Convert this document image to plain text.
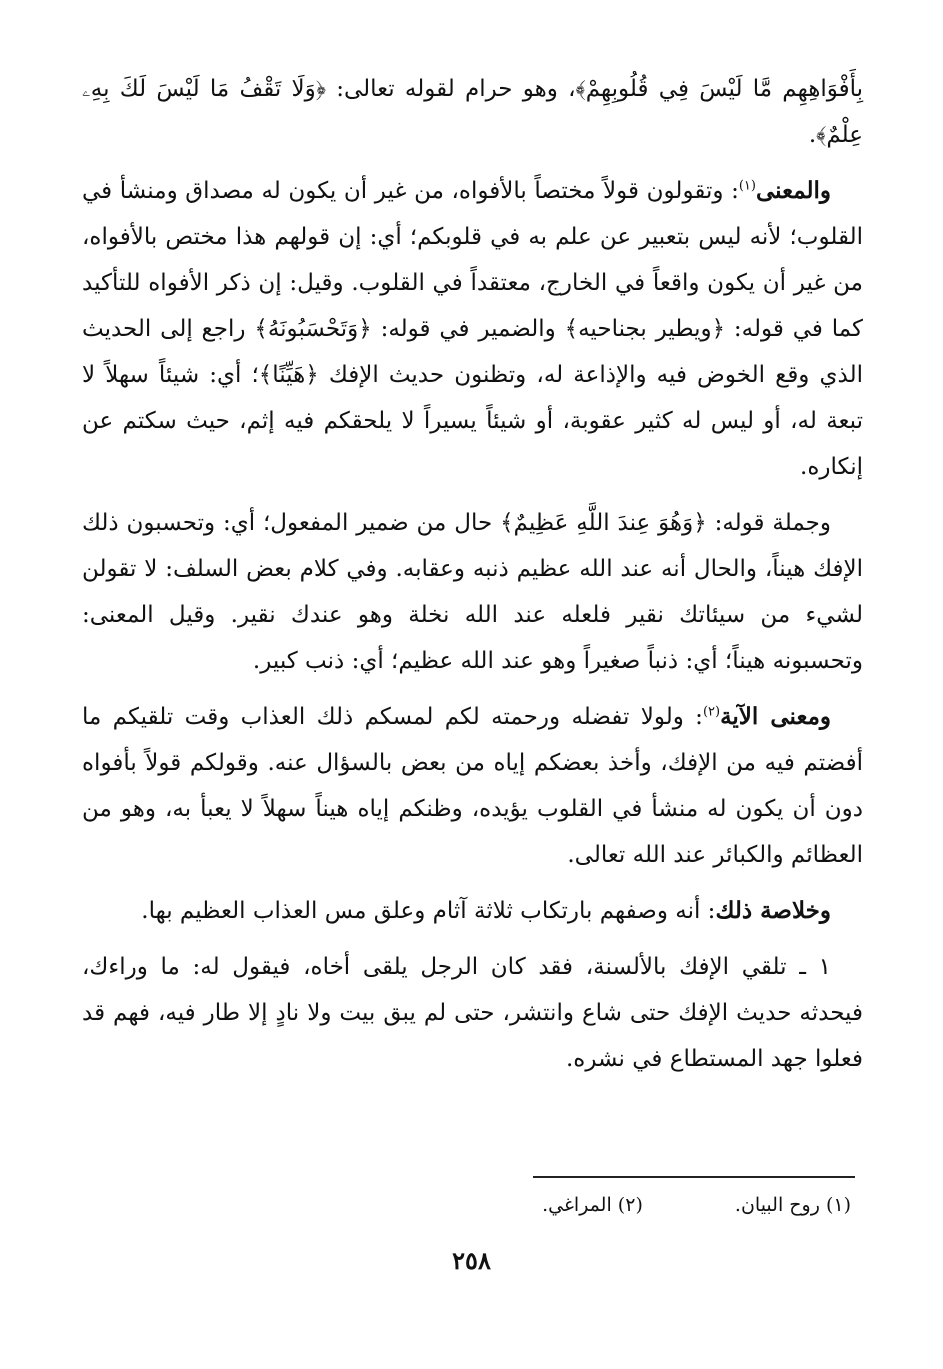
بِأَفْوَاهِهِم مَّا لَيْسَ فِي قُلُوبِهِمْ﴾، وهو حرام لقوله تعالى: ﴿وَلَا تَقْفُ مَا لَيْسَ لَكَ بِهِۦ عِلْمٌ﴾.

والمعنى$^{(١)}$: وتقولون قولاً مختصاً بالأفواه، من غير أن يكون له مصداق ومنشأ في القلوب؛ لأنه ليس بتعبير عن علم به في قلوبكم؛ أي: إن قولهم هذا مختص بالأفواه، من غير أن يكون واقعاً في الخارج، معتقداً في القلوب. وقيل: إن ذكر الأفواه للتأكيد كما في قوله: ﴿ويطير بجناحيه﴾ والضمير في قوله: ﴿وَتَحْسَبُونَهُ﴾ راجع إلى الحديث الذي وقع الخوض فيه والإذاعة له، وتظنون حديث الإفك ﴿هَيِّنًا﴾؛ أي: شيئاً سهلاً لا تبعة له، أو ليس له كثير عقوبة، أو شيئاً يسيراً لا يلحقكم فيه إثم، حيث سكتم عن إنكاره.

وجملة قوله: ﴿وَهُوَ عِندَ اللَّهِ عَظِيمٌ﴾ حال من ضمير المفعول؛ أي: وتحسبون ذلك الإفك هيناً، والحال أنه عند الله عظيم ذنبه وعقابه. وفي كلام بعض السلف: لا تقولن لشيء من سيئاتك نقير فلعله عند الله نخلة وهو عندك نقير. وقيل المعنى: وتحسبونه هيناً؛ أي: ذنباً صغيراً وهو عند الله عظيم؛ أي: ذنب كبير.

ومعنى الآية$^{(٢)}$: ولولا تفضله ورحمته لكم لمسكم ذلك العذاب وقت تلقيكم ما أفضتم فيه من الإفك، وأخذ بعضكم إياه من بعض بالسؤال عنه. وقولكم قولاً بأفواه دون أن يكون له منشأ في القلوب يؤيده، وظنكم إياه هيناً سهلاً لا يعبأ به، وهو من العظائم والكبائر عند الله تعالى.

وخلاصة ذلك: أنه وصفهم بارتكاب ثلاثة آثام وعلق مس العذاب العظيم بها.

١ ـ تلقي الإفك بالألسنة، فقد كان الرجل يلقى أخاه، فيقول له: ما وراءك، فيحدثه حديث الإفك حتى شاع وانتشر، حتى لم يبق بيت ولا نادٍ إلا طار فيه، فهم قد فعلوا جهد المستطاع في نشره.

(١) روح البيان. (٢) المراغي.
٢٥٨
